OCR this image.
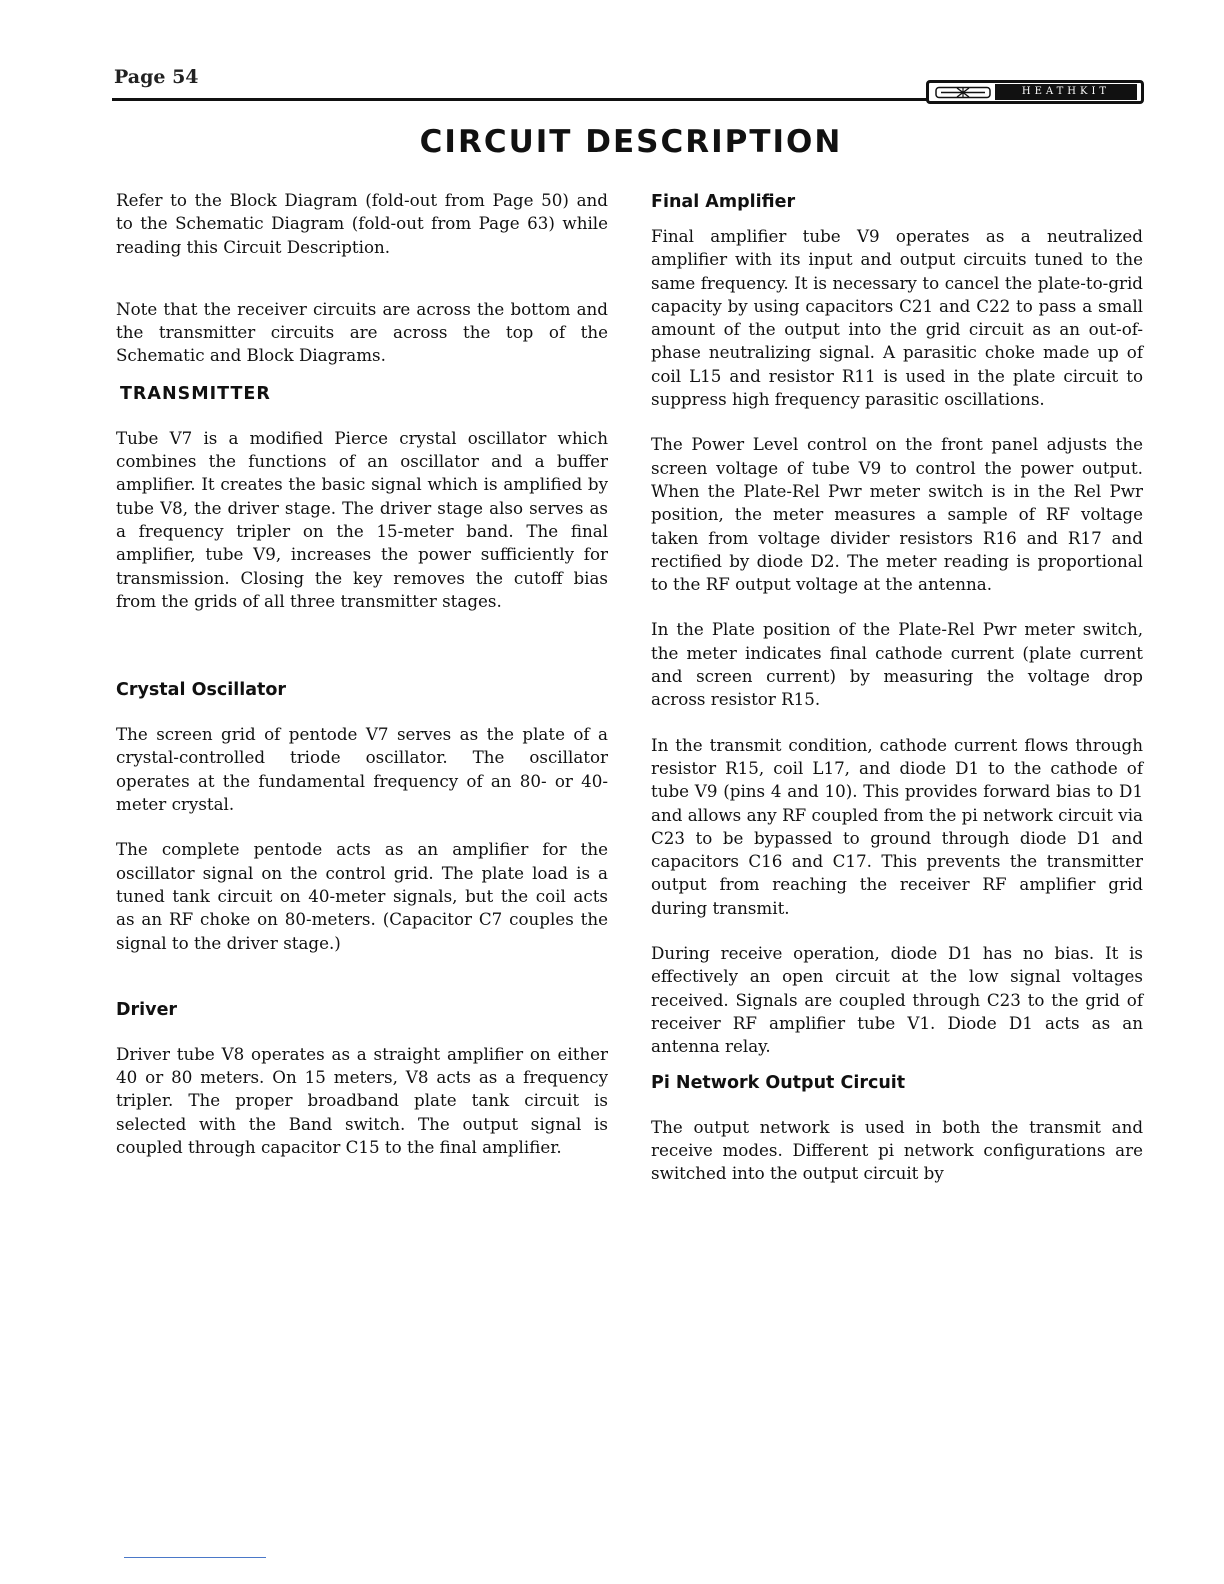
Page 54
HEATHKIT
CIRCUIT DESCRIPTION

Refer to the Block Diagram (fold-out from Page 50) and to the Schematic Diagram (fold-out from Page 63) while reading this Circuit Description.

Note that the receiver circuits are across the bottom and the transmitter circuits are across the top of the Schematic and Block Diagrams.

TRANSMITTER

Tube V7 is a modified Pierce crystal oscillator which combines the functions of an oscillator and a buffer amplifier. It creates the basic signal which is amplified by tube V8, the driver stage. The driver stage also serves as a frequency tripler on the 15-meter band. The final amplifier, tube V9, increases the power sufficiently for transmission. Closing the key removes the cutoff bias from the grids of all three transmitter stages.

Crystal Oscillator

The screen grid of pentode V7 serves as the plate of a crystal-controlled triode oscillator. The oscillator operates at the fundamental frequency of an 80- or 40-meter crystal.

The complete pentode acts as an amplifier for the oscillator signal on the control grid. The plate load is a tuned tank circuit on 40-meter signals, but the coil acts as an RF choke on 80-meters. (Capacitor C7 couples the signal to the driver stage.)

Driver

Driver tube V8 operates as a straight amplifier on either 40 or 80 meters. On 15 meters, V8 acts as a frequency tripler. The proper broadband plate tank circuit is selected with the Band switch. The output signal is coupled through capacitor C15 to the final amplifier.

Final Amplifier

Final amplifier tube V9 operates as a neutralized amplifier with its input and output circuits tuned to the same frequency. It is necessary to cancel the plate-to-grid capacity by using capacitors C21 and C22 to pass a small amount of the output into the grid circuit as an out-of-phase neutralizing signal. A parasitic choke made up of coil L15 and resistor R11 is used in the plate circuit to suppress high frequency parasitic oscillations.

The Power Level control on the front panel adjusts the screen voltage of tube V9 to control the power output. When the Plate-Rel Pwr meter switch is in the Rel Pwr position, the meter measures a sample of RF voltage taken from voltage divider resistors R16 and R17 and rectified by diode D2. The meter reading is proportional to the RF output voltage at the antenna.

In the Plate position of the Plate-Rel Pwr meter switch, the meter indicates final cathode current (plate current and screen current) by measuring the voltage drop across resistor R15.

In the transmit condition, cathode current flows through resistor R15, coil L17, and diode D1 to the cathode of tube V9 (pins 4 and 10). This provides forward bias to D1 and allows any RF coupled from the pi network circuit via C23 to be bypassed to ground through diode D1 and capacitors C16 and C17. This prevents the transmitter output from reaching the receiver RF amplifier grid during transmit.

During receive operation, diode D1 has no bias. It is effectively an open circuit at the low signal voltages received. Signals are coupled through C23 to the grid of receiver RF amplifier tube V1. Diode D1 acts as an antenna relay.

Pi Network Output Circuit

The output network is used in both the transmit and receive modes. Different pi network configurations are switched into the output circuit by
